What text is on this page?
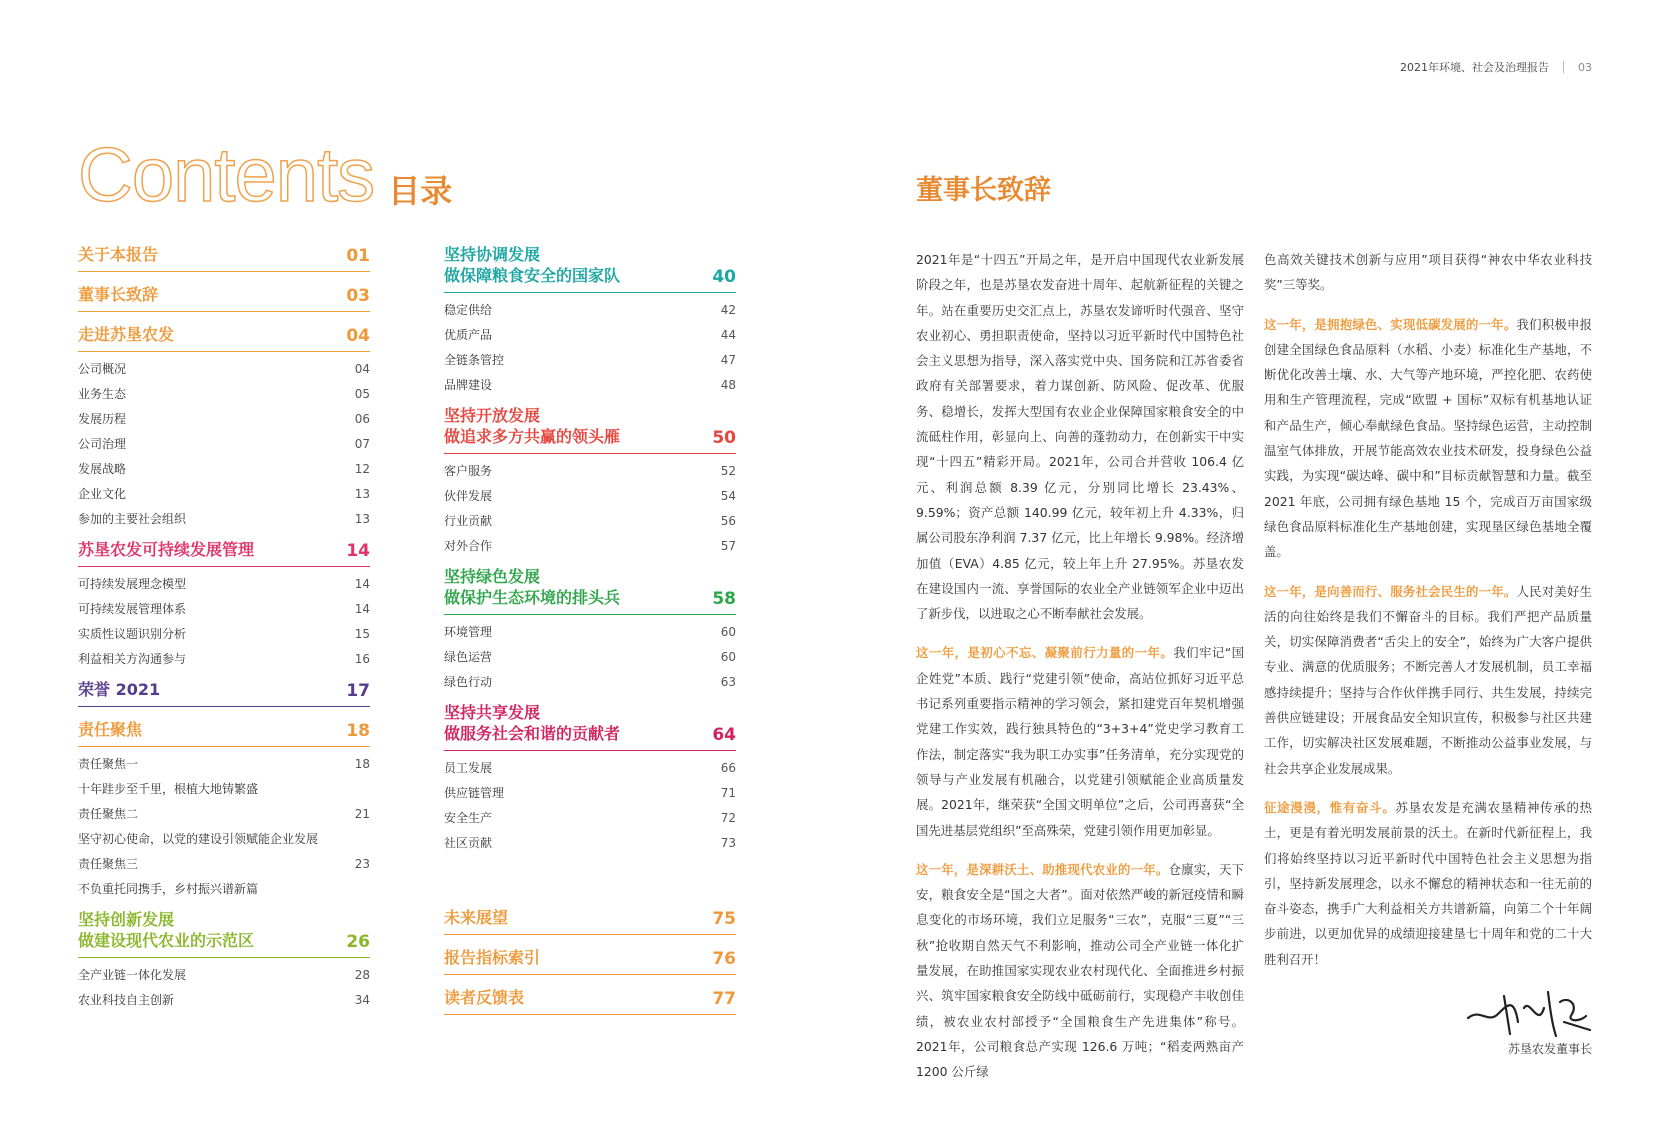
2021年环境、社会及治理报告	03
Contents 目录
关于本报告	01
董事长致辞	03
走进苏垦农发	04
公司概况	04
业务生态	05
发展历程	06
公司治理	07
发展战略	12
企业文化	13
参加的主要社会组织	13
苏垦农发可持续发展管理	14
可持续发展理念模型	14
可持续发展管理体系	14
实质性议题识别分析	15
利益相关方沟通参与	16
荣誉 2021	17
责任聚焦	18
责任聚焦一	18
十年跬步至千里，根植大地铸繁盛
责任聚焦二	21
坚守初心使命，以党的建设引领赋能企业发展
责任聚焦三	23
不负重托同携手，乡村振兴谱新篇
坚持创新发展
做建设现代农业的示范区	26
全产业链一体化发展	28
农业科技自主创新	34
坚持协调发展
做保障粮食安全的国家队	40
稳定供给	42
优质产品	44
全链条管控	47
品牌建设	48
坚持开放发展
做追求多方共赢的领头雁	50
客户服务	52
伙伴发展	54
行业贡献	56
对外合作	57
坚持绿色发展
做保护生态环境的排头兵	58
环境管理	60
绿色运营	60
绿色行动	63
坚持共享发展
做服务社会和谐的贡献者	64
员工发展	66
供应链管理	71
安全生产	72
社区贡献	73
未来展望	75
报告指标索引	76
读者反馈表	77
董事长致辞

2021年是“十四五”开局之年，是开启中国现代农业新发展阶段之年，也是苏垦农发奋进十周年、起航新征程的关键之年。站在重要历史交汇点上，苏垦农发谛听时代强音、坚守农业初心、勇担职责使命，坚持以习近平新时代中国特色社会主义思想为指导，深入落实党中央、国务院和江苏省委省政府有关部署要求，着力谋创新、防风险、促改革、优服务、稳增长，发挥大型国有农业企业保障国家粮食安全的中流砥柱作用，彰显向上、向善的蓬勃动力，在创新实干中实现“十四五”精彩开局。2021年，公司合并营收 106.4 亿元、利润总额 8.39 亿元，分别同比增长 23.43%、9.59%；资产总额 140.99 亿元，较年初上升 4.33%，归属公司股东净利润 7.37 亿元，比上年增长 9.98%。经济增加值（EVA）4.85 亿元，较上年上升 27.95%。苏垦农发在建设国内一流、享誉国际的农业全产业链领军企业中迈出了新步伐，以进取之心不断奉献社会发展。

这一年，是初心不忘、凝聚前行力量的一年。我们牢记“国企姓党”本质、践行“党建引领”使命，高站位抓好习近平总书记系列重要指示精神的学习领会，紧扣建党百年契机增强党建工作实效，践行独具特色的“3+3+4”党史学习教育工作法，制定落实“我为职工办实事”任务清单，充分实现党的领导与产业发展有机融合，以党建引领赋能企业高质量发展。2021年，继荣获“全国文明单位”之后，公司再喜获“全国先进基层党组织”至高殊荣，党建引领作用更加彰显。

这一年，是深耕沃土、助推现代农业的一年。仓廪实，天下安，粮食安全是“国之大者”。面对依然严峻的新冠疫情和瞬息变化的市场环境，我们立足服务“三农”，克服“三夏”“三秋”抢收期自然天气不利影响，推动公司全产业链一体化扩量发展，在助推国家实现农业农村现代化、全面推进乡村振兴、筑牢国家粮食安全防线中砥砺前行，实现稳产丰收创佳绩，被农业农村部授予“全国粮食生产先进集体”称号。2021年，公司粮食总产实现 126.6 万吨；“稻麦两熟亩产 1200 公斤绿

色高效关键技术创新与应用”项目获得“神农中华农业科技奖”三等奖。

这一年，是拥抱绿色、实现低碳发展的一年。我们积极申报创建全国绿色食品原料（水稻、小麦）标准化生产基地，不断优化改善土壤、水、大气等产地环境，严控化肥、农药使用和生产管理流程，完成“欧盟 + 国标”双标有机基地认证和产品生产，倾心奉献绿色食品。坚持绿色运营，主动控制温室气体排放，开展节能高效农业技术研发，投身绿色公益实践，为实现“碳达峰、碳中和”目标贡献智慧和力量。截至 2021 年底，公司拥有绿色基地 15 个，完成百万亩国家级绿色食品原料标准化生产基地创建，实现垦区绿色基地全覆盖。

这一年，是向善而行、服务社会民生的一年。人民对美好生活的向往始终是我们不懈奋斗的目标。我们严把产品质量关，切实保障消费者“舌尖上的安全”，始终为广大客户提供专业、满意的优质服务；不断完善人才发展机制，员工幸福感持续提升；坚持与合作伙伴携手同行、共生发展，持续完善供应链建设；开展食品安全知识宣传，积极参与社区共建工作，切实解决社区发展难题，不断推动公益事业发展，与社会共享企业发展成果。

征途漫漫，惟有奋斗。苏垦农发是充满农垦精神传承的热土，更是有着光明发展前景的沃土。在新时代新征程上，我们将始终坚持以习近平新时代中国特色社会主义思想为指引，坚持新发展理念，以永不懈怠的精神状态和一往无前的奋斗姿态，携手广大利益相关方共谱新篇，向第二个十年阔步前进，以更加优异的成绩迎接建垦七十周年和党的二十大胜利召开！

苏垦农发董事长
